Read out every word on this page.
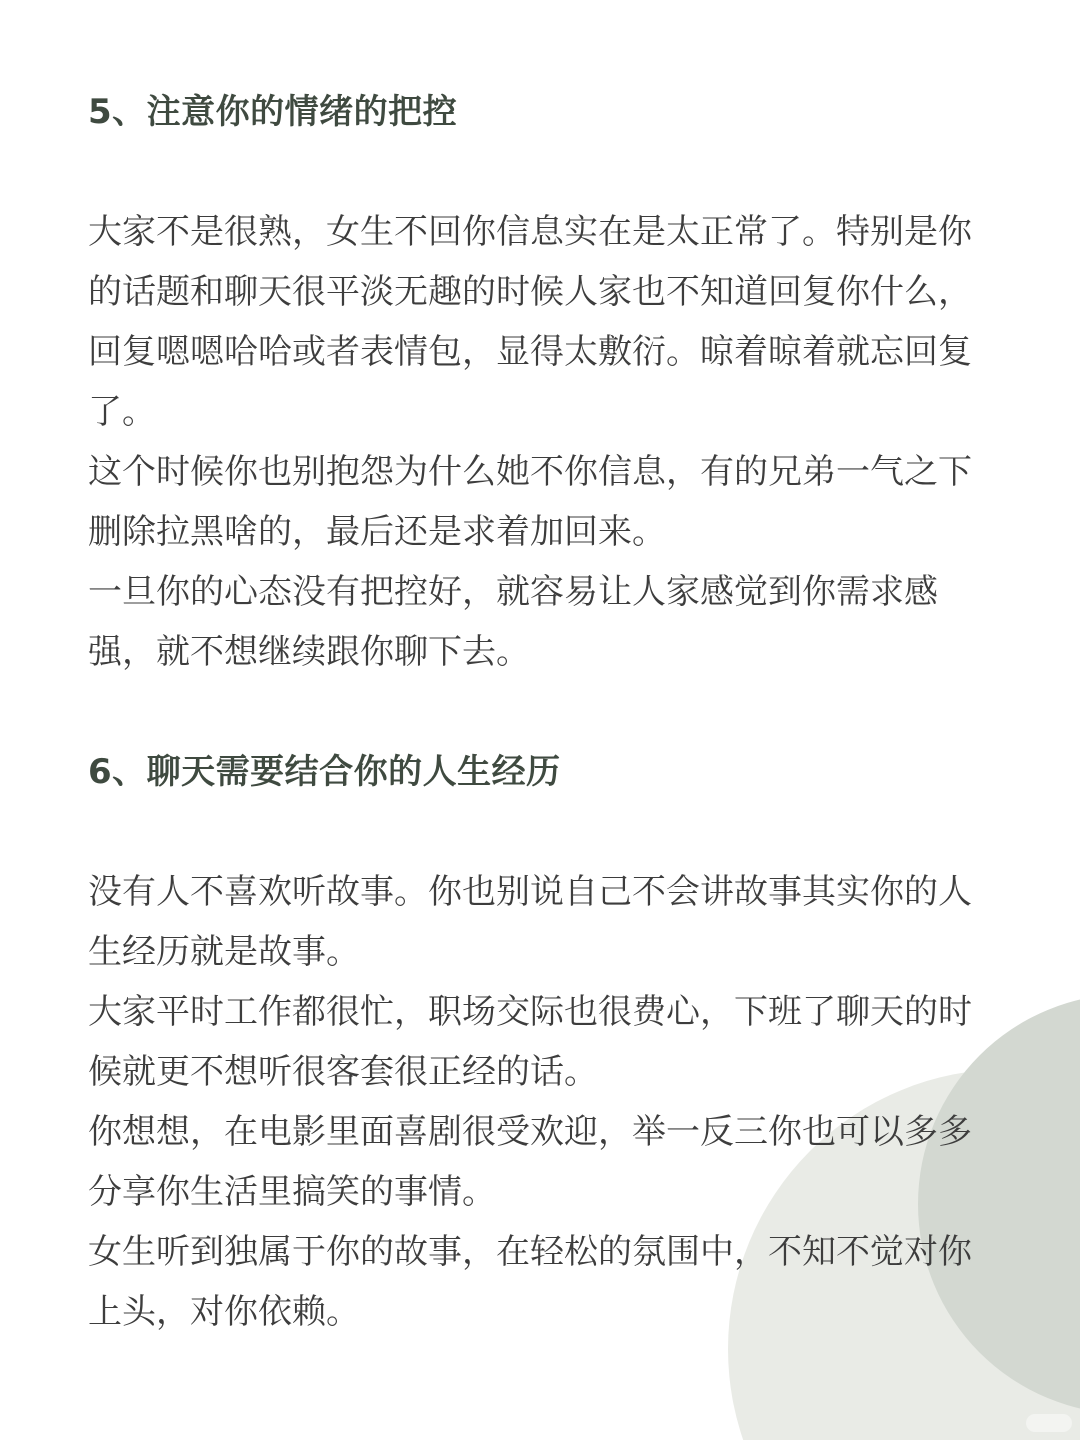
5、注意你的情绪的把控
大家不是很熟，女生不回你信息实在是太正常了。特别是你
的话题和聊天很平淡无趣的时候人家也不知道回复你什么，
回复嗯嗯哈哈或者表情包，显得太敷衍。晾着晾着就忘回复
了。
这个时候你也别抱怨为什么她不你信息，有的兄弟一气之下
删除拉黑啥的，最后还是求着加回来。
一旦你的心态没有把控好，就容易让人家感觉到你需求感
强，就不想继续跟你聊下去。
6、聊天需要结合你的人生经历
没有人不喜欢听故事。你也别说自己不会讲故事其实你的人
生经历就是故事。
大家平时工作都很忙，职场交际也很费心，下班了聊天的时
候就更不想听很客套很正经的话。
你想想，在电影里面喜剧很受欢迎，举一反三你也可以多多
分享你生活里搞笑的事情。
女生听到独属于你的故事，在轻松的氛围中，不知不觉对你
上头，对你依赖。
